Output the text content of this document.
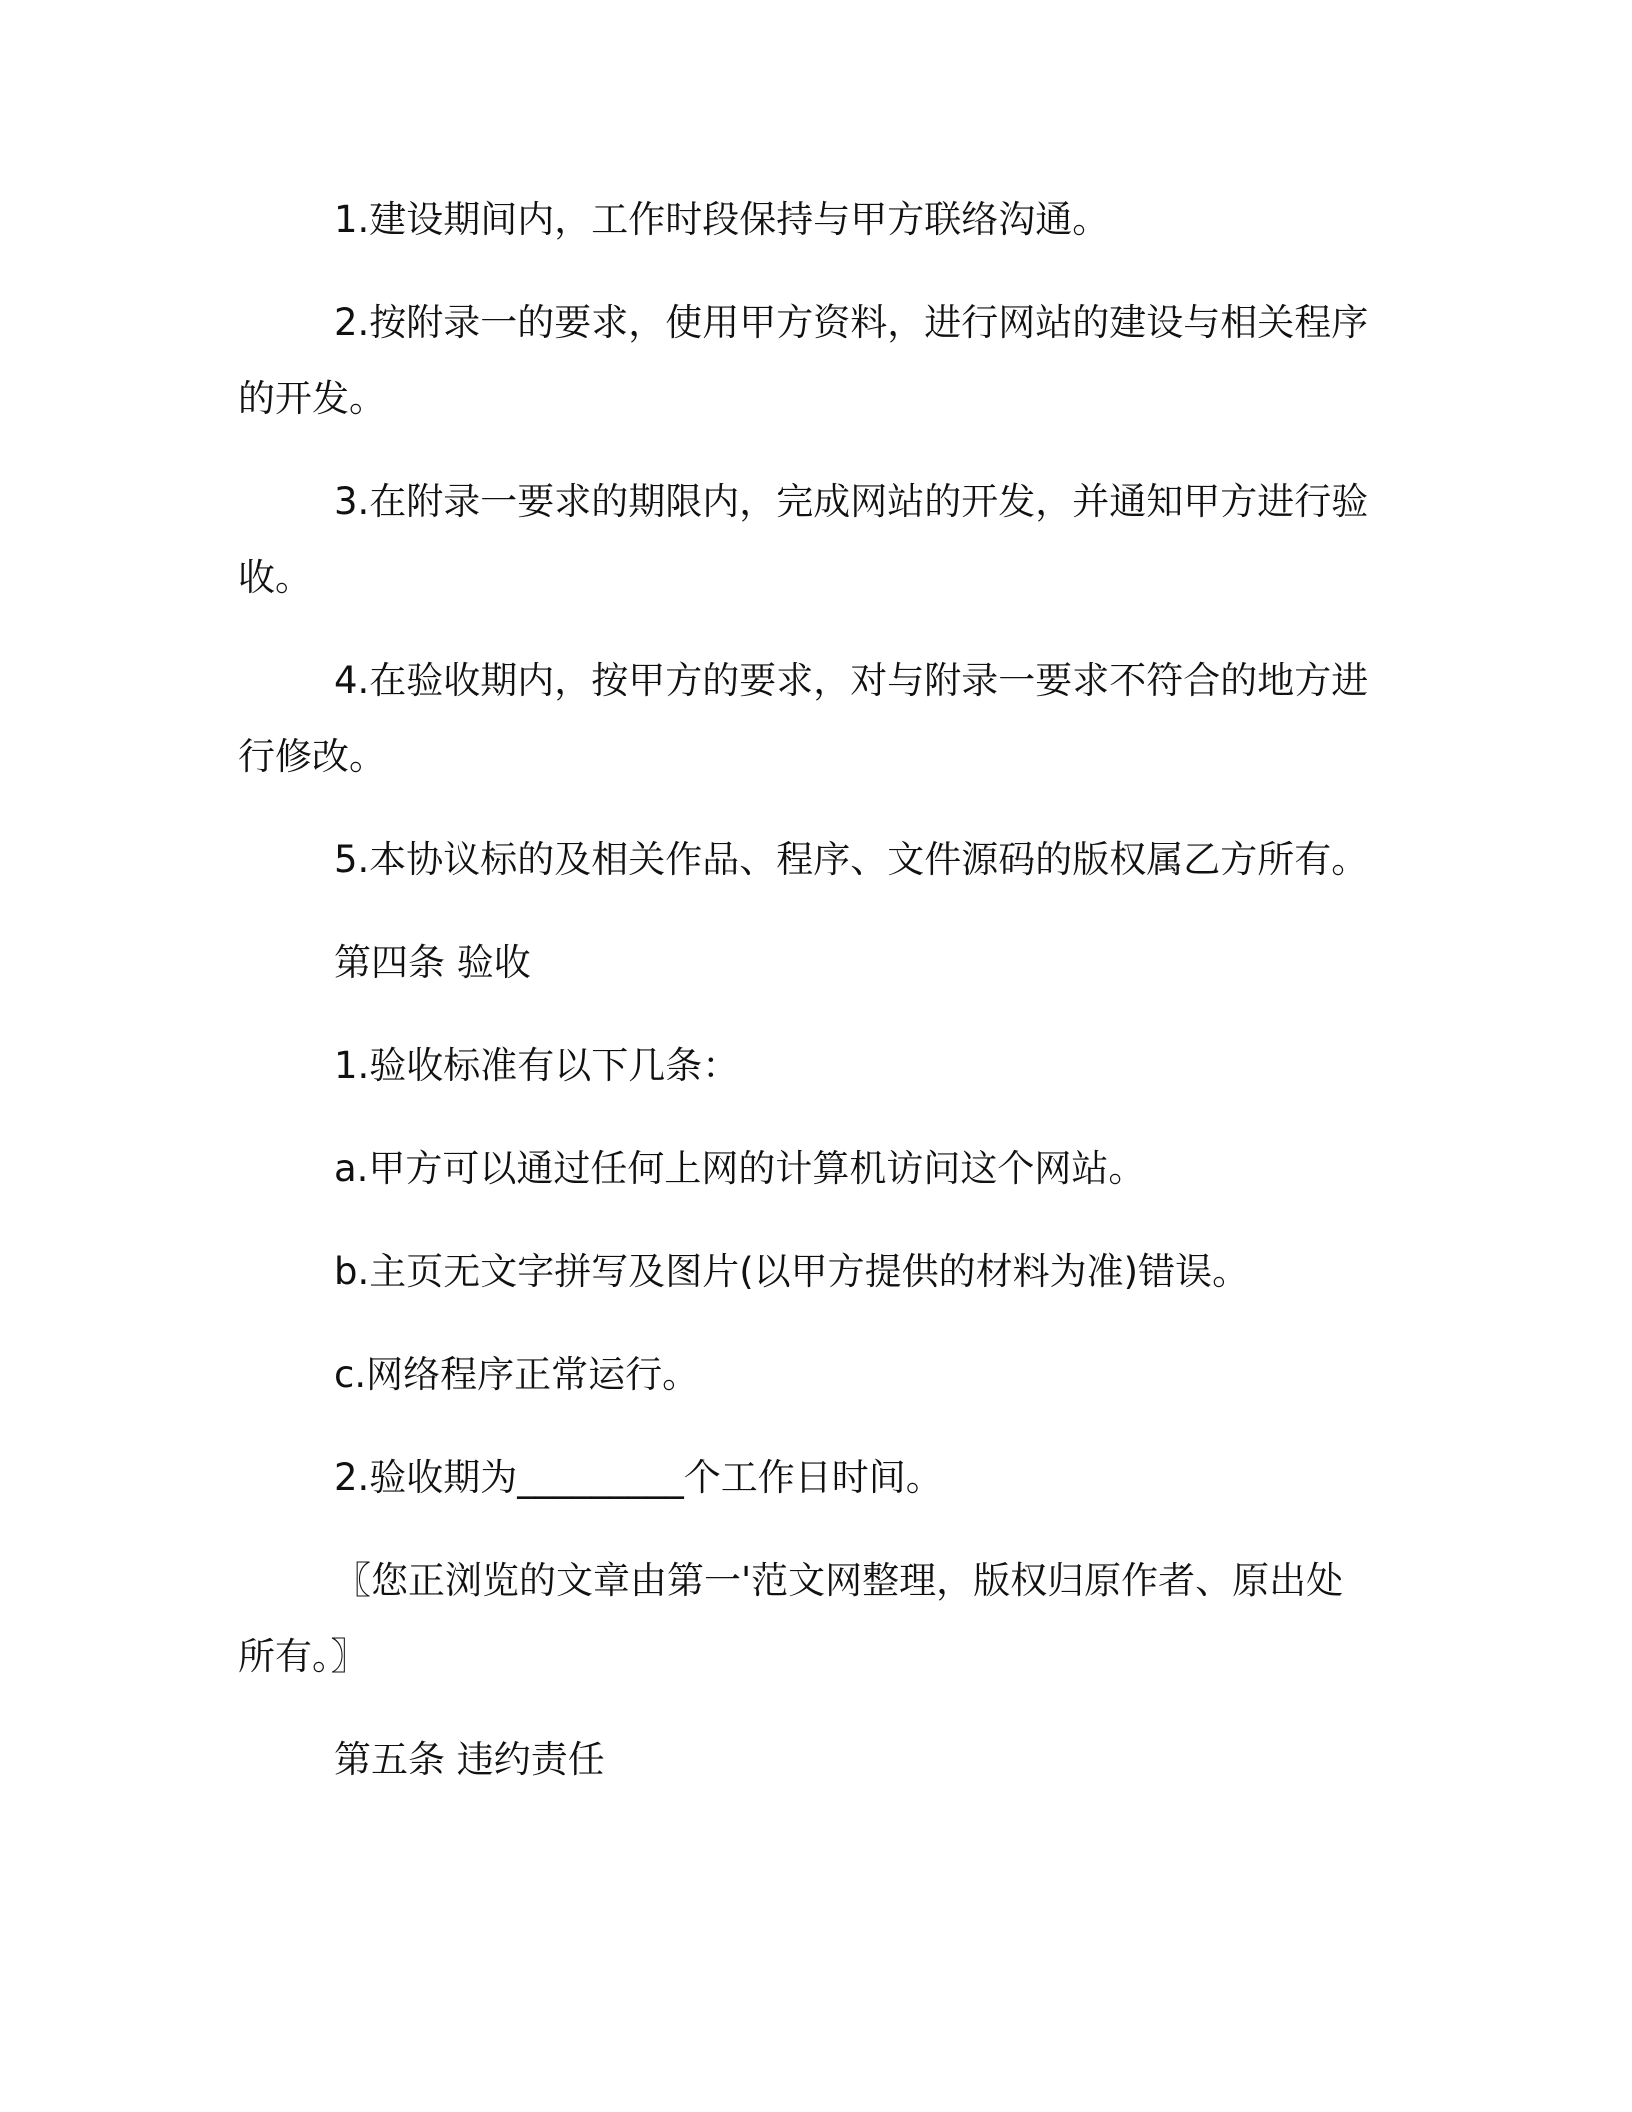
1.建设期间内，工作时段保持与甲方联络沟通。

2.按附录一的要求，使用甲方资料，进行网站的建设与相关程序的开发。

3.在附录一要求的期限内，完成网站的开发，并通知甲方进行验收。

4.在验收期内，按甲方的要求，对与附录一要求不符合的地方进行修改。

5.本协议标的及相关作品、程序、文件源码的版权属乙方所有。

第四条 验收

1.验收标准有以下几条：

a.甲方可以通过任何上网的计算机访问这个网站。

b.主页无文字拼写及图片(以甲方提供的材料为准)错误。

c.网络程序正常运行。

2.验收期为_________个工作日时间。

〖您正浏览的文章由第一'范文网整理，版权归原作者、原出处所有。〗

第五条 违约责任
